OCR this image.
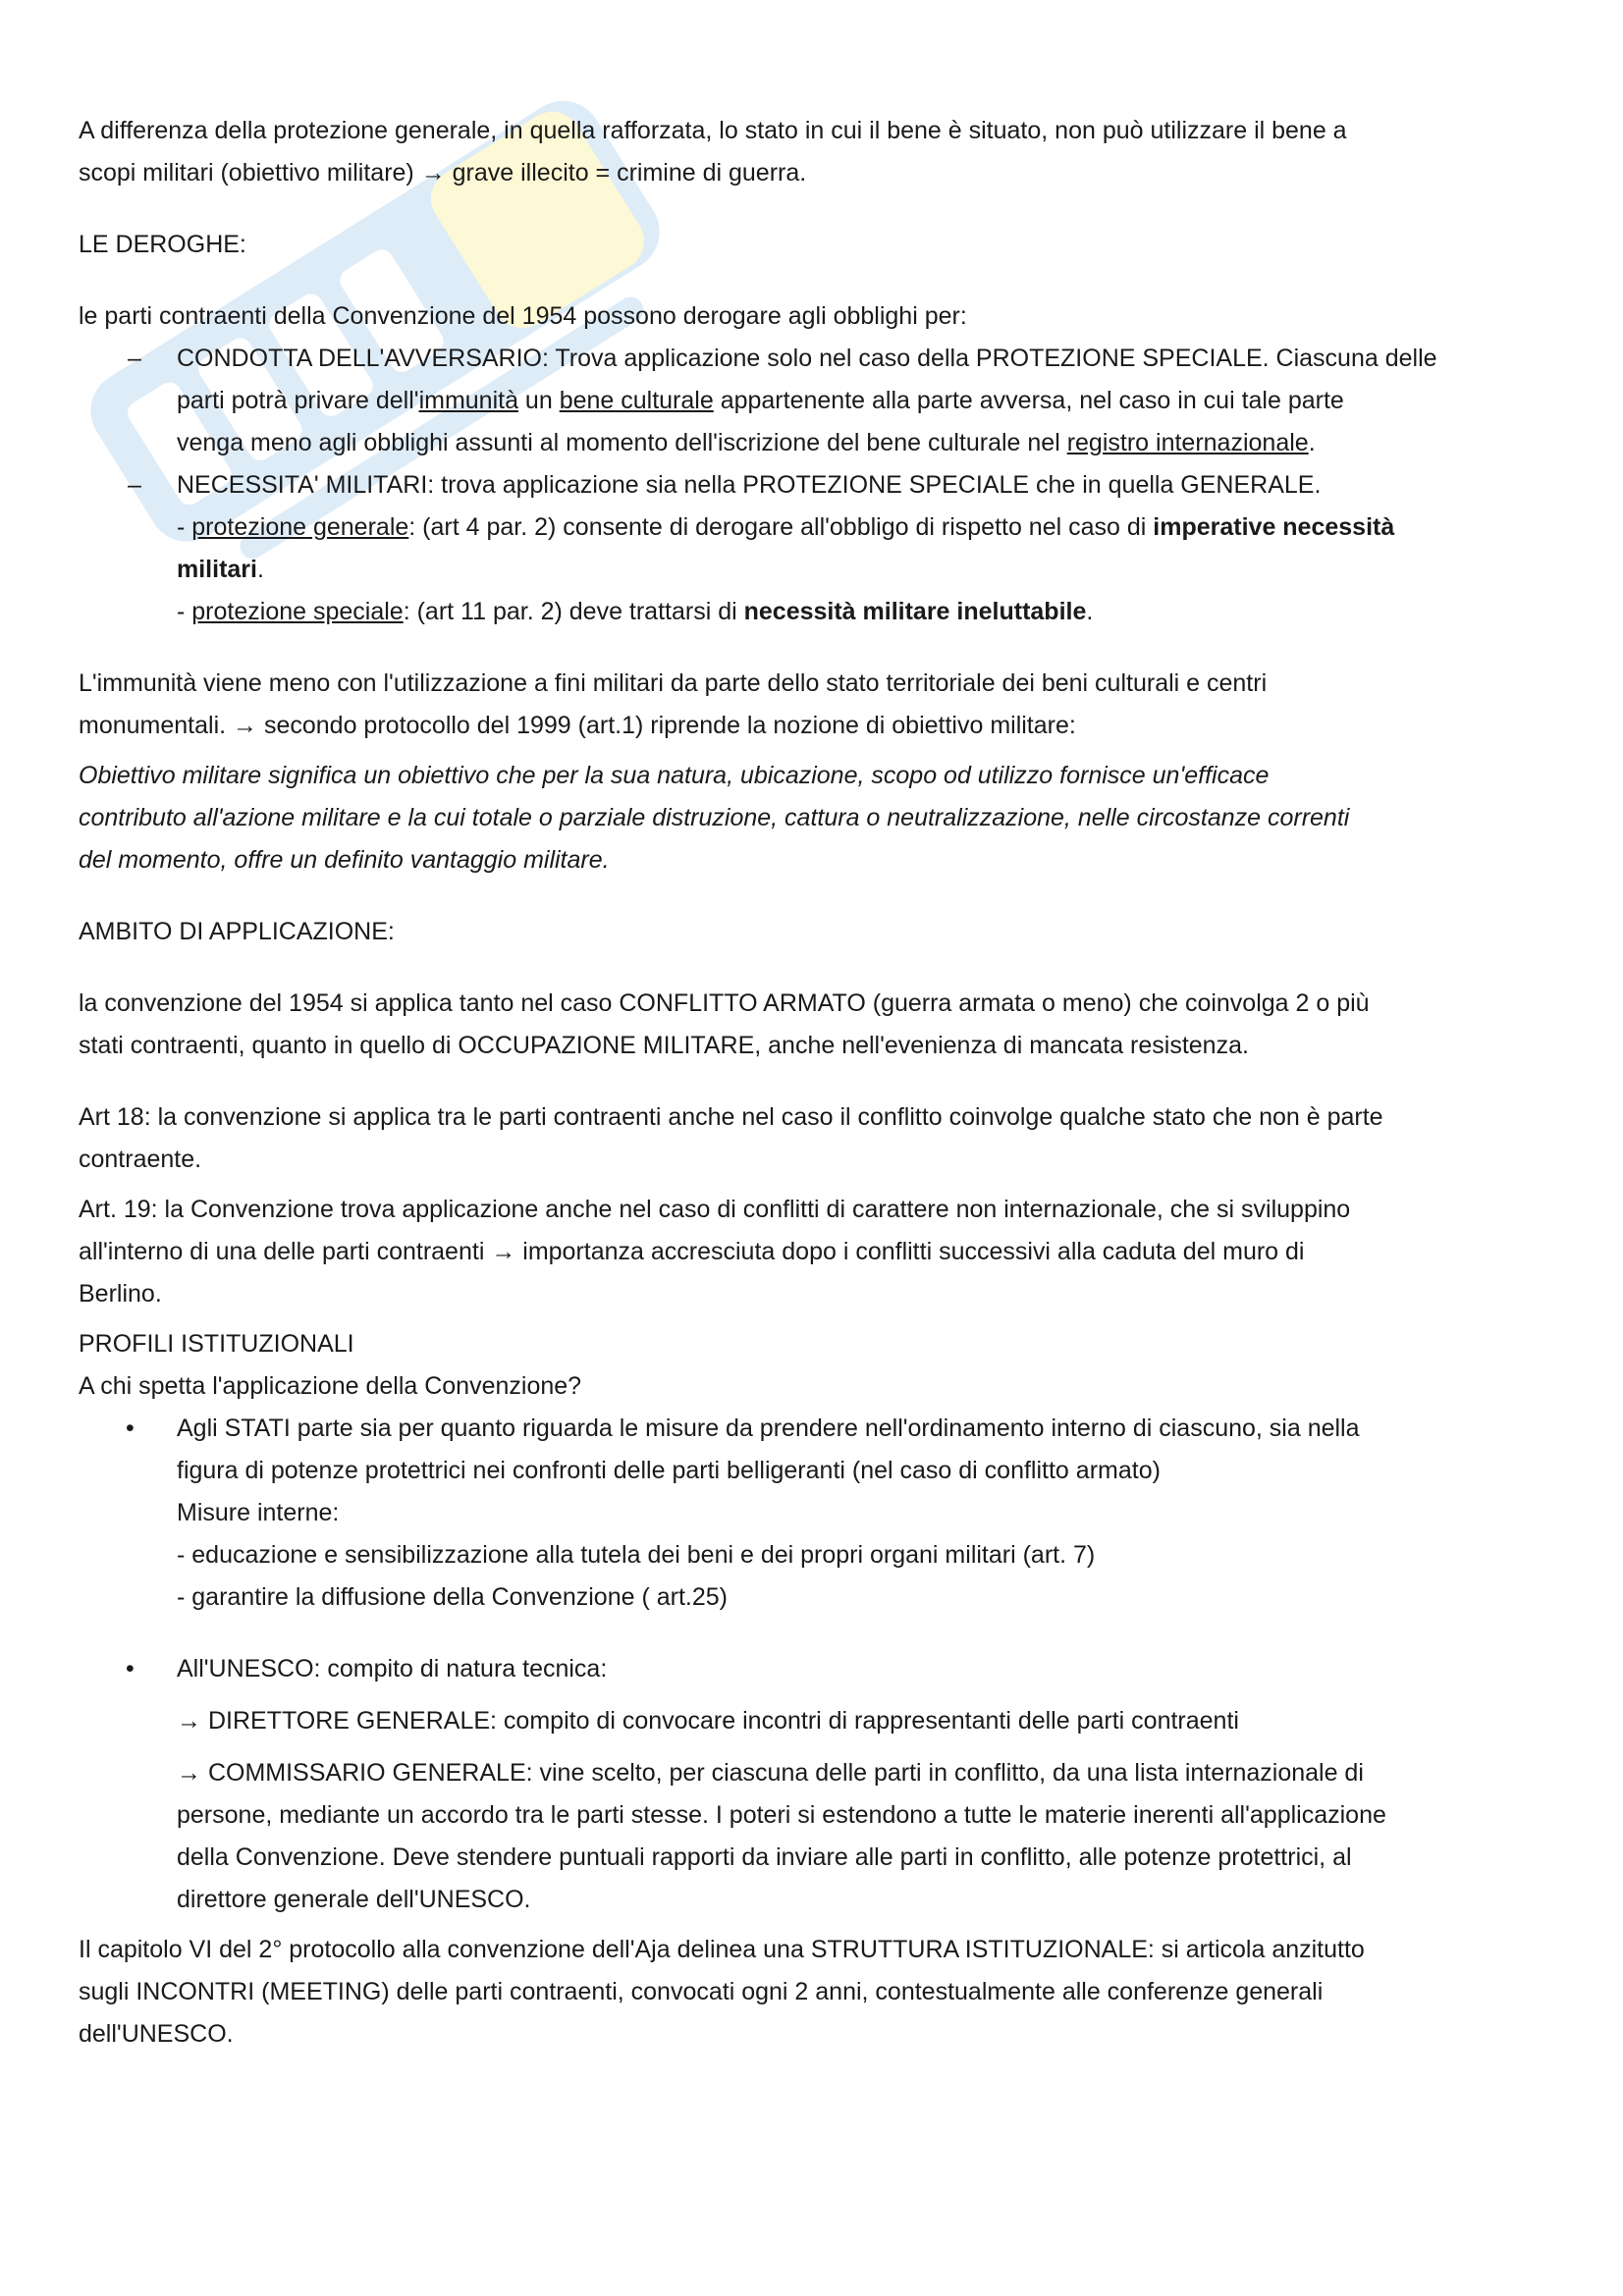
A differenza della protezione generale, in quella rafforzata, lo stato in cui il bene è situato, non può utilizzare il bene a
scopi militari (obiettivo militare) → grave illecito = crimine di guerra.

LE DEROGHE:

le parti contraenti della Convenzione del 1954 possono derogare agli obblighi per:

– CONDOTTA DELL'AVVERSARIO: Trova applicazione solo nel caso della PROTEZIONE SPECIALE. Ciascuna delle
parti potrà privare dell'immunità un bene culturale appartenente alla parte avversa, nel caso in cui tale parte
venga meno agli obblighi assunti al momento dell'iscrizione del bene culturale nel registro internazionale.
– NECESSITA' MILITARI: trova applicazione sia nella PROTEZIONE SPECIALE che in quella GENERALE.
- protezione generale: (art 4 par. 2) consente di derogare all'obbligo di rispetto nel caso di imperative necessità
militari.
- protezione speciale: (art 11 par. 2) deve trattarsi di necessità militare ineluttabile.

L'immunità viene meno con l'utilizzazione a fini militari da parte dello stato territoriale dei beni culturali e centri
monumentali. → secondo protocollo del 1999 (art.1) riprende la nozione di obiettivo militare:

Obiettivo militare significa un obiettivo che per la sua natura, ubicazione, scopo od utilizzo fornisce un'efficace
contributo all'azione militare e la cui totale o parziale distruzione, cattura o neutralizzazione, nelle circostanze correnti
del momento, offre un definito vantaggio militare.

AMBITO DI APPLICAZIONE:

la convenzione del 1954 si applica tanto nel caso CONFLITTO ARMATO (guerra armata o meno) che coinvolga 2 o più
stati contraenti, quanto in quello di OCCUPAZIONE MILITARE, anche nell'evenienza di mancata resistenza.

Art 18: la convenzione si applica tra le parti contraenti anche nel caso il conflitto coinvolge qualche stato che non è parte
contraente.

Art. 19: la Convenzione trova applicazione anche nel caso di conflitti di carattere non internazionale, che si sviluppino
all'interno di una delle parti contraenti → importanza accresciuta dopo i conflitti successivi alla caduta del muro di
Berlino.

PROFILI ISTITUZIONALI

A chi spetta l'applicazione della Convenzione?

• Agli STATI parte sia per quanto riguarda le misure da prendere nell'ordinamento interno di ciascuno, sia nella
figura di potenze protettrici nei confronti delle parti belligeranti (nel caso di conflitto armato)
Misure interne:
- educazione e sensibilizzazione alla tutela dei beni e dei propri organi militari (art. 7)
- garantire la diffusione della Convenzione ( art.25)
• All'UNESCO: compito di natura tecnica:

→ DIRETTORE GENERALE: compito di convocare incontri di rappresentanti delle parti contraenti

→ COMMISSARIO GENERALE: vine scelto, per ciascuna delle parti in conflitto, da una lista internazionale di
persone, mediante un accordo tra le parti stesse. I poteri si estendono a tutte le materie inerenti all'applicazione
della Convenzione. Deve stendere puntuali rapporti da inviare alle parti in conflitto, alle potenze protettrici, al
direttore generale dell'UNESCO.

Il capitolo VI del 2° protocollo alla convenzione dell'Aja delinea una STRUTTURA ISTITUZIONALE: si articola anzitutto
sugli INCONTRI (MEETING) delle parti contraenti, convocati ogni 2 anni, contestualmente alle conferenze generali
dell'UNESCO.
